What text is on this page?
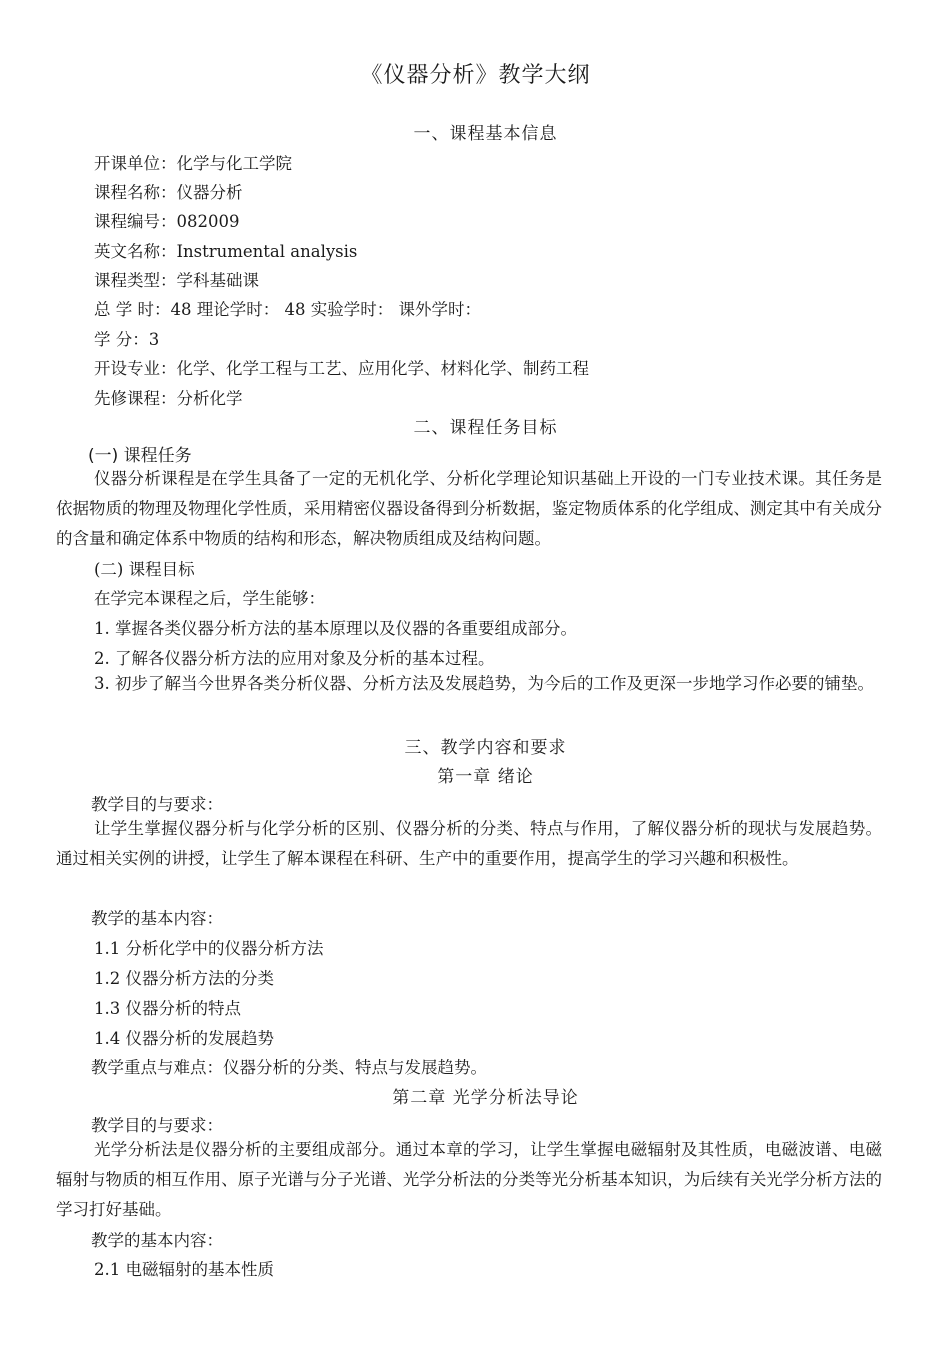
《仪器分析》教学大纲
一、课程基本信息
开课单位：化学与化工学院
课程名称：仪器分析
课程编号：082009
英文名称：Instrumental analysis
课程类型：学科基础课
总 学 时：48 理论学时： 48 实验学时： 课外学时：
学 分：3
开设专业：化学、化学工程与工艺、应用化学、材料化学、制药工程
先修课程：分析化学
二、课程任务目标
(一) 课程任务
仪器分析课程是在学生具备了一定的无机化学、分析化学理论知识基础上开设的一门专业技术课。其任务是依据物质的物理及物理化学性质，采用精密仪器设备得到分析数据，鉴定物质体系的化学组成、测定其中有关成分的含量和确定体系中物质的结构和形态，解决物质组成及结构问题。
(二) 课程目标
在学完本课程之后，学生能够：
1. 掌握各类仪器分析方法的基本原理以及仪器的各重要组成部分。
2. 了解各仪器分析方法的应用对象及分析的基本过程。
3. 初步了解当今世界各类分析仪器、分析方法及发展趋势，为今后的工作及更深一步地学习作必要的铺垫。
三、教学内容和要求
第一章 绪论
教学目的与要求：
让学生掌握仪器分析与化学分析的区别、仪器分析的分类、特点与作用，了解仪器分析的现状与发展趋势。通过相关实例的讲授，让学生了解本课程在科研、生产中的重要作用，提高学生的学习兴趣和积极性。
教学的基本内容：
1.1 分析化学中的仪器分析方法
1.2 仪器分析方法的分类
1.3 仪器分析的特点
1.4 仪器分析的发展趋势
教学重点与难点：仪器分析的分类、特点与发展趋势。
第二章 光学分析法导论
教学目的与要求：
光学分析法是仪器分析的主要组成部分。通过本章的学习，让学生掌握电磁辐射及其性质，电磁波谱、电磁辐射与物质的相互作用、原子光谱与分子光谱、光学分析法的分类等光分析基本知识，为后续有关光学分析方法的学习打好基础。
教学的基本内容：
2.1 电磁辐射的基本性质
